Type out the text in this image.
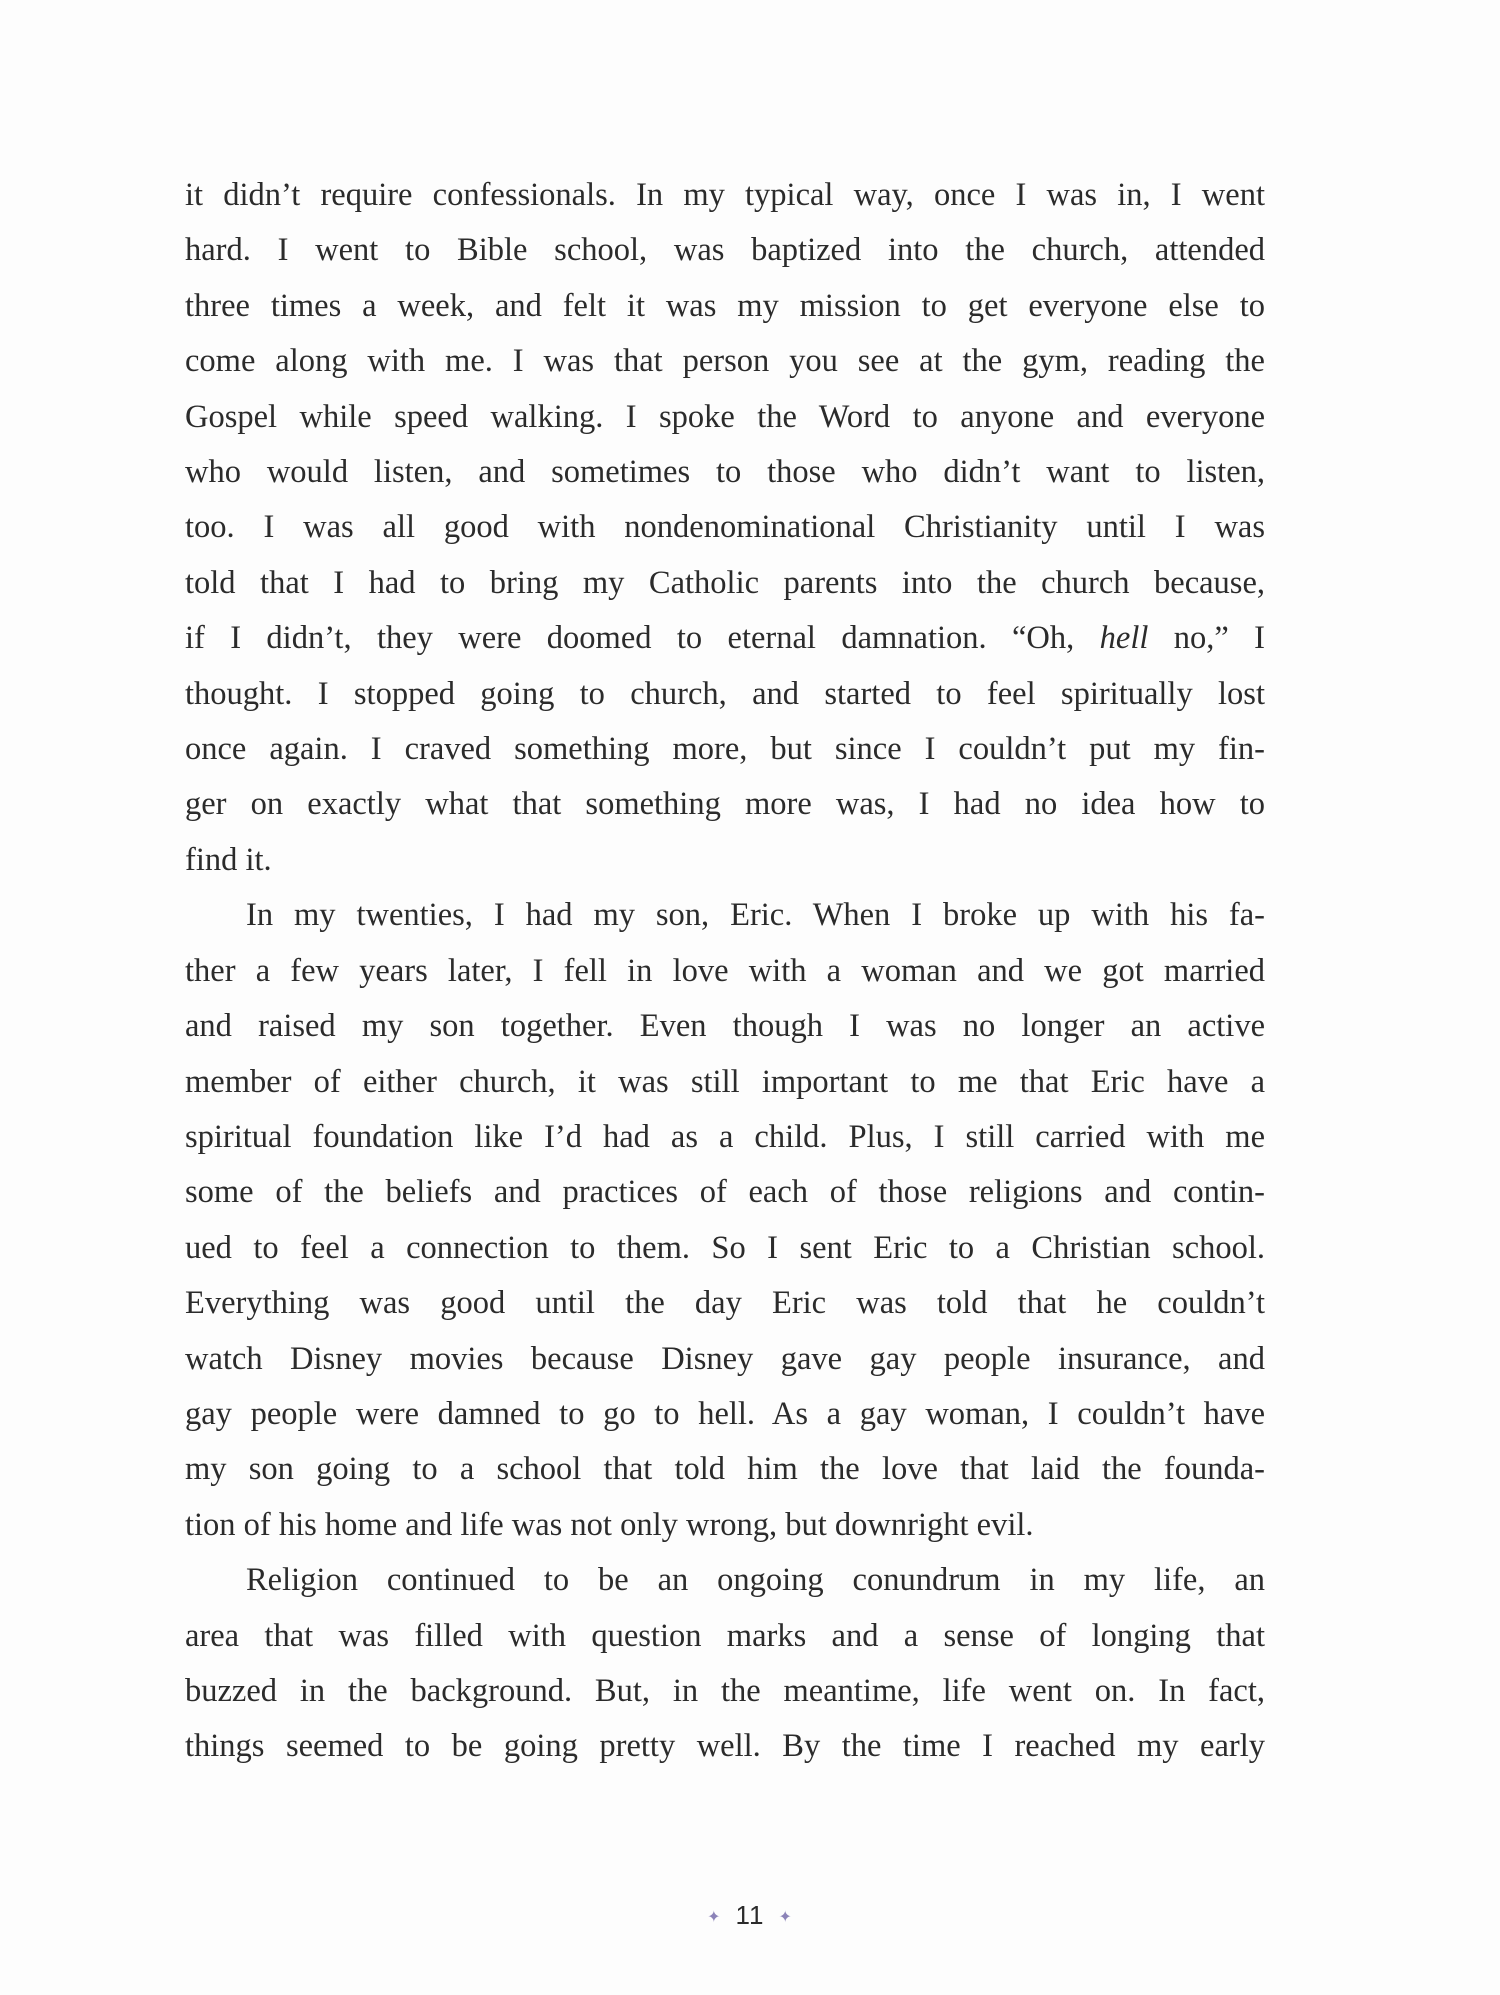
it didn’t require confessionals. In my typical way, once I was in, I went
hard. I went to Bible school, was baptized into the church, attended
three times a week, and felt it was my mission to get everyone else to
come along with me. I was that person you see at the gym, reading the
Gospel while speed walking. I spoke the Word to anyone and everyone
who would listen, and sometimes to those who didn’t want to listen,
too. I was all good with nondenominational Christianity until I was
told that I had to bring my Catholic parents into the church because,
if I didn’t, they were doomed to eternal damnation. “Oh, hell no,” I
thought. I stopped going to church, and started to feel spiritually lost
once again. I craved something more, but since I couldn’t put my fin-
ger on exactly what that something more was, I had no idea how to
find it.

In my twenties, I had my son, Eric. When I broke up with his fa-
ther a few years later, I fell in love with a woman and we got married
and raised my son together. Even though I was no longer an active
member of either church, it was still important to me that Eric have a
spiritual foundation like I’d had as a child. Plus, I still carried with me
some of the beliefs and practices of each of those religions and contin-
ued to feel a connection to them. So I sent Eric to a Christian school.
Everything was good until the day Eric was told that he couldn’t
watch Disney movies because Disney gave gay people insurance, and
gay people were damned to go to hell. As a gay woman, I couldn’t have
my son going to a school that told him the love that laid the founda-
tion of his home and life was not only wrong, but downright evil.

Religion continued to be an ongoing conundrum in my life, an
area that was filled with question marks and a sense of longing that
buzzed in the background. But, in the meantime, life went on. In fact,
things seemed to be going pretty well. By the time I reached my early

✦ 11 ✦
